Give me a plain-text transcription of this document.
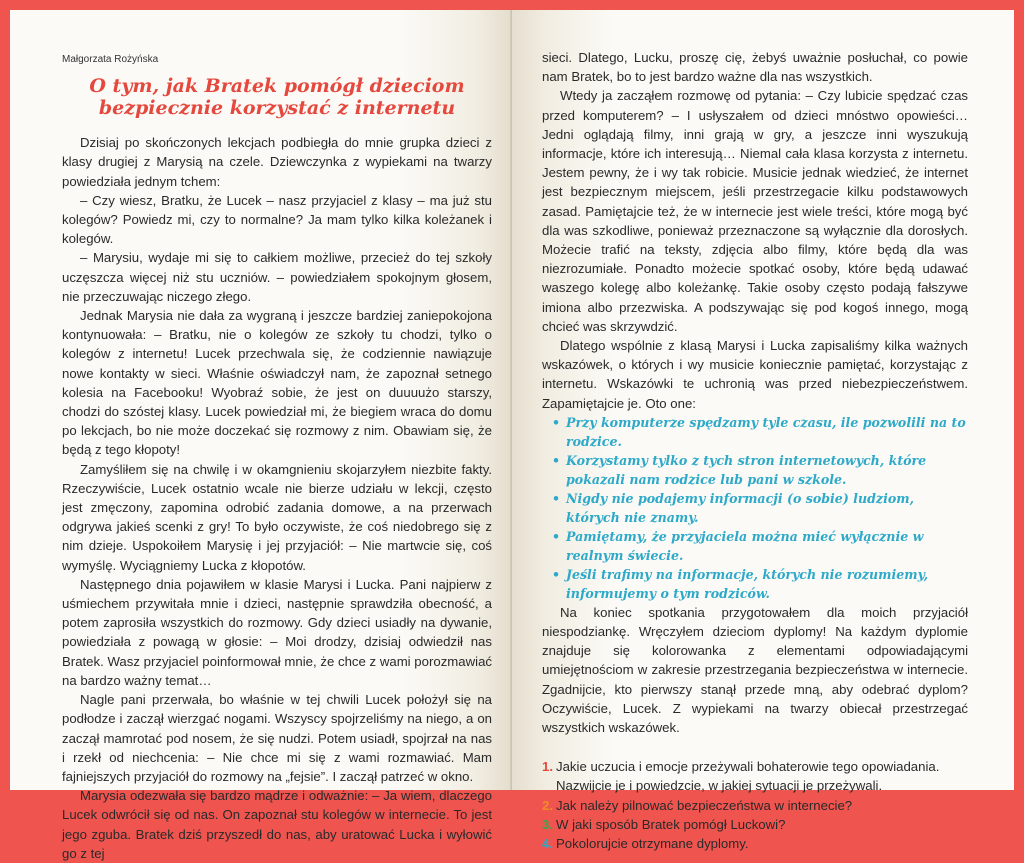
Małgorzata Rożyńska
O tym, jak Bratek pomógł dzieciom
bezpiecznie korzystać z internetu

Dzisiaj po skończonych lekcjach podbiegła do mnie grupka dzieci z klasy drugiej z Marysią na czele. Dziewczynka z wypiekami na twarzy powiedziała jednym tchem:

– Czy wiesz, Bratku, że Lucek – nasz przyjaciel z klasy – ma już stu kolegów? Powiedz mi, czy to normalne? Ja mam tylko kilka koleżanek i kolegów.

– Marysiu, wydaje mi się to całkiem możliwe, przecież do tej szkoły uczęszcza więcej niż stu uczniów. – powiedziałem spokojnym głosem, nie przeczuwając niczego złego.

Jednak Marysia nie dała za wygraną i jeszcze bardziej zaniepokojona kontynuowała: – Bratku, nie o kolegów ze szkoły tu chodzi, tylko o kolegów z internetu! Lucek przechwala się, że codziennie nawiązuje nowe kontakty w sieci. Właśnie oświadczył nam, że zapoznał setnego kolesia na Facebooku! Wyobraź sobie, że jest on duuuużo starszy, chodzi do szóstej klasy. Lucek powiedział mi, że biegiem wraca do domu po lekcjach, bo nie może doczekać się rozmowy z nim. Obawiam się, że będą z tego kłopoty!

Zamyśliłem się na chwilę i w okamgnieniu skojarzyłem niezbite fakty. Rzeczywiście, Lucek ostatnio wcale nie bierze udziału w lekcji, często jest zmęczony, zapomina odrobić zadania domowe, a na przerwach odgrywa jakieś scenki z gry! To było oczywiste, że coś niedobrego się z nim dzieje. Uspokoiłem Marysię i jej przyjaciół: – Nie martwcie się, coś wymyślę. Wyciągniemy Lucka z kłopotów.

Następnego dnia pojawiłem w klasie Marysi i Lucka. Pani najpierw z uśmiechem przywitała mnie i dzieci, następnie sprawdziła obecność, a potem zaprosiła wszystkich do rozmowy. Gdy dzieci usiadły na dywanie, powiedziała z powagą w głosie: – Moi drodzy, dzisiaj odwiedził nas Bratek. Wasz przyjaciel poinformował mnie, że chce z wami porozmawiać na bardzo ważny temat…

Nagle pani przerwała, bo właśnie w tej chwili Lucek położył się na podłodze i zaczął wierzgać nogami. Wszyscy spojrzeliśmy na niego, a on zaczął mamrotać pod nosem, że się nudzi. Potem usiadł, spojrzał na nas i rzekł od niechcenia: – Nie chce mi się z wami rozmawiać. Mam fajniejszych przyjaciół do rozmowy na „fejsie”. I zaczął patrzeć w okno.

Marysia odezwała się bardzo mądrze i odważnie: – Ja wiem, dlaczego Lucek odwrócił się od nas. On zapoznał stu kolegów w internecie. To jest jego zguba. Bratek dziś przyszedł do nas, aby uratować Lucka i wyłowić go z tej

sieci. Dlatego, Lucku, proszę cię, żebyś uważnie posłuchał, co powie nam Bratek, bo to jest bardzo ważne dla nas wszystkich.

Wtedy ja zacząłem rozmowę od pytania: – Czy lubicie spędzać czas przed komputerem? – I usłyszałem od dzieci mnóstwo opowieści… Jedni oglądają filmy, inni grają w gry, a jeszcze inni wyszukują informacje, które ich interesują… Niemal cała klasa korzysta z internetu. Jestem pewny, że i wy tak robicie. Musicie jednak wiedzieć, że internet jest bezpiecznym miejscem, jeśli przestrzegacie kilku podstawowych zasad. Pamiętajcie też, że w internecie jest wiele treści, które mogą być dla was szkodliwe, ponieważ przeznaczone są wyłącznie dla dorosłych. Możecie trafić na teksty, zdjęcia albo filmy, które będą dla was niezrozumiałe. Ponadto możecie spotkać osoby, które będą udawać waszego kolegę albo koleżankę. Takie osoby często podają fałszywe imiona albo przezwiska. A podszywając się pod kogoś innego, mogą chcieć was skrzywdzić.

Dlatego wspólnie z klasą Marysi i Lucka zapisaliśmy kilka ważnych wskazówek, o których i wy musicie koniecznie pamiętać, korzystając z internetu. Wskazówki te uchronią was przed niebezpieczeństwem. Zapamiętajcie je. Oto one:

• Przy komputerze spędzamy tyle czasu, ile pozwolili na to rodzice.
• Korzystamy tylko z tych stron internetowych, które pokazali nam rodzice lub pani w szkole.
• Nigdy nie podajemy informacji (o sobie) ludziom, których nie znamy.
• Pamiętamy, że przyjaciela można mieć wyłącznie w realnym świecie.
• Jeśli trafimy na informacje, których nie rozumiemy, informujemy o tym rodziców.

Na koniec spotkania przygotowałem dla moich przyjaciół niespodziankę. Wręczyłem dzieciom dyplomy! Na każdym dyplomie znajduje się kolorowanka z elementami odpowiadającymi umiejętnościom w zakresie przestrzegania bezpieczeństwa w internecie. Zgadnijcie, kto pierwszy stanął przede mną, aby odebrać dyplom? Oczywiście, Lucek. Z wypiekami na twarzy obiecał przestrzegać wszystkich wskazówek.

1. Jakie uczucia i emocje przeżywali bohaterowie tego opowiadania. Nazwijcie je i powiedzcie, w jakiej sytuacji je przeżywali.
2. Jak należy pilnować bezpieczeństwa w internecie?
3. W jaki sposób Bratek pomógł Luckowi?
4. Pokolorujcie otrzymane dyplomy.
